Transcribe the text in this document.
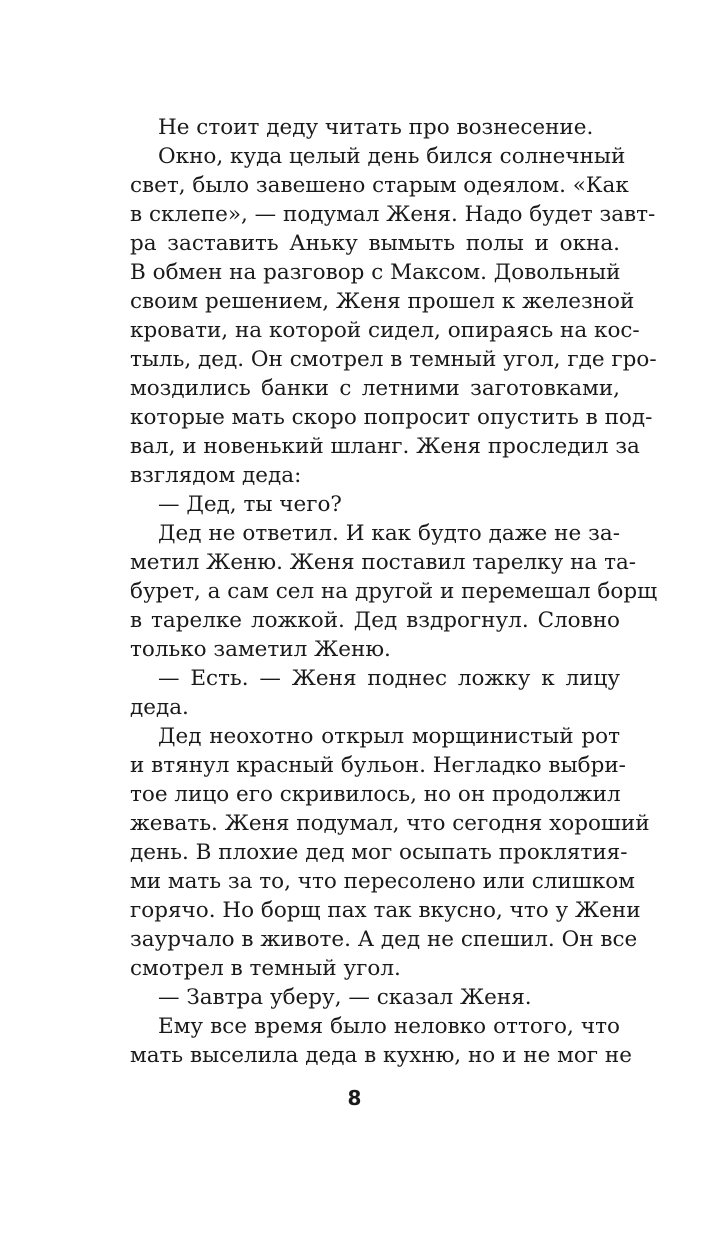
Не стоит деду читать про вознесение.
Окно, куда целый день бился солнечный
свет, было завешено старым одеялом. «Как
в склепе», — подумал Женя. Надо будет завт-
ра заставить Аньку вымыть полы и окна.
В обмен на разговор с Максом. Довольный
своим решением, Женя прошел к железной
кровати, на которой сидел, опираясь на кос-
тыль, дед. Он смотрел в темный угол, где гро-
моздились банки с летними заготовками,
которые мать скоро попросит опустить в под-
вал, и новенький шланг. Женя проследил за
взглядом деда:
— Дед, ты чего?
Дед не ответил. И как будто даже не за-
метил Женю. Женя поставил тарелку на та-
бурет, а сам сел на другой и перемешал борщ
в тарелке ложкой. Дед вздрогнул. Словно
только заметил Женю.
— Есть. — Женя поднес ложку к лицу
деда.
Дед неохотно открыл морщинистый рот
и втянул красный бульон. Негладко выбри-
тое лицо его скривилось, но он продолжил
жевать. Женя подумал, что сегодня хороший
день. В плохие дед мог осыпать проклятия-
ми мать за то, что пересолено или слишком
горячо. Но борщ пах так вкусно, что у Жени
заурчало в животе. А дед не спешил. Он все
смотрел в темный угол.
— Завтра уберу, — сказал Женя.
Ему все время было неловко оттого, что
мать выселила деда в кухню, но и не мог не
8
